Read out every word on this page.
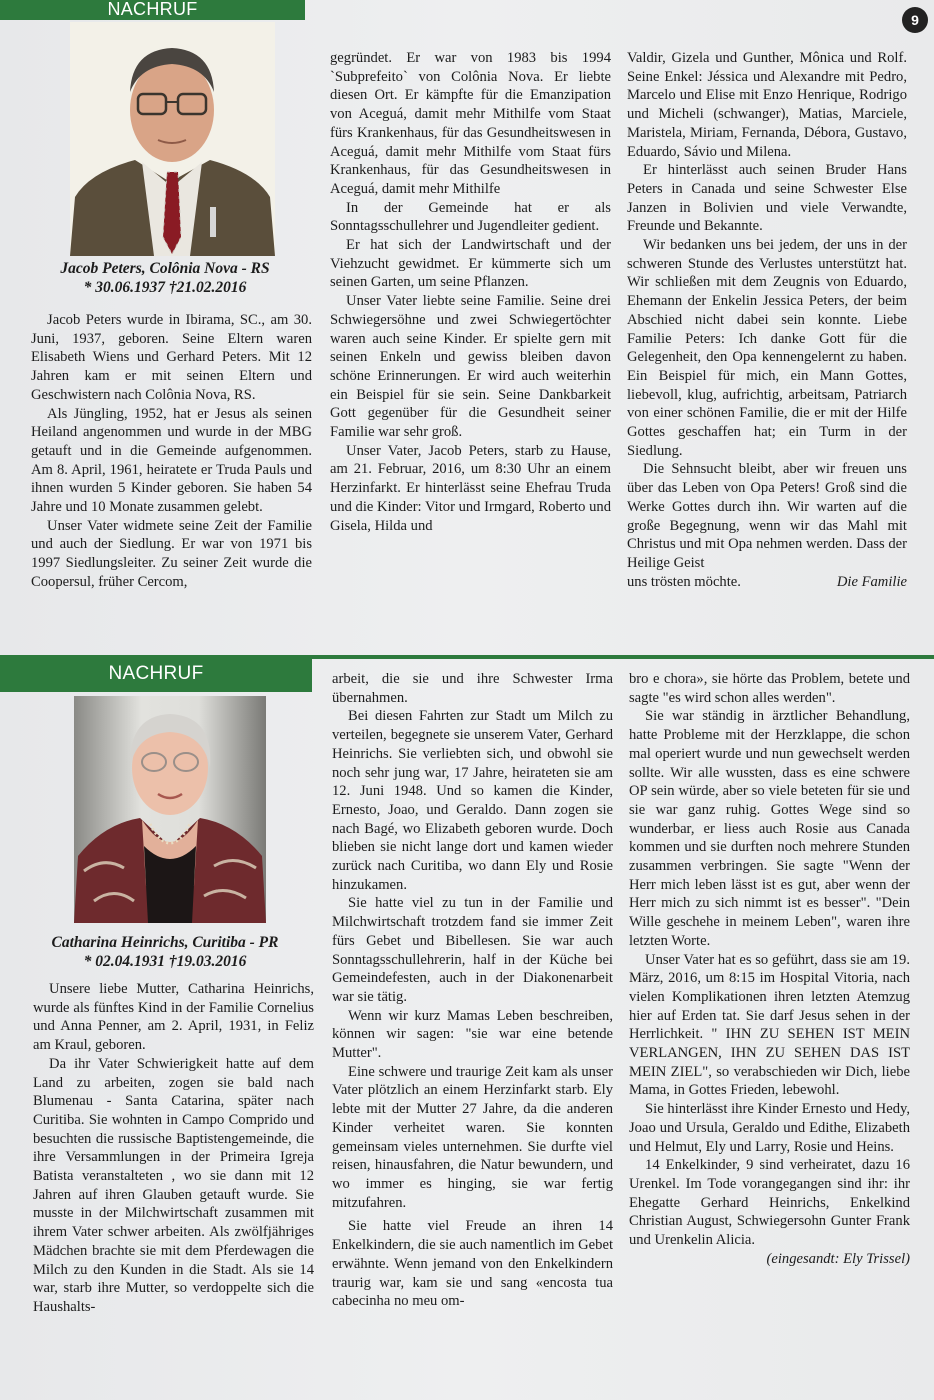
NACHRUF
9
Jacob Peters, Colônia Nova - RS
* 30.06.1937 †21.02.2016

Jacob Peters wurde in Ibirama, SC., am 30. Juni, 1937, geboren. Seine Eltern waren Elisabeth Wiens und Gerhard Peters. Mit 12 Jahren kam er mit seinen Eltern und Geschwistern nach Colônia Nova, RS.

Als Jüngling, 1952, hat er Jesus als seinen Heiland angenommen und wurde in der MBG getauft und in die Gemeinde aufgenommen. Am 8. April, 1961, heiratete er Truda Pauls und ihnen wurden 5 Kinder geboren. Sie haben 54 Jahre und 10 Monate zusammen gelebt.

Unser Vater widmete seine Zeit der Familie und auch der Siedlung. Er war von 1971 bis 1997 Siedlungsleiter. Zu seiner Zeit wurde die Coopersul, früher Cercom,

gegründet. Er war von 1983 bis 1994 `Subprefeito` von Colônia Nova. Er liebte diesen Ort. Er kämpfte für die Emanzipation von Aceguá, damit mehr Mithilfe vom Staat fürs Krankenhaus, für das Gesundheitswesen in Aceguá, damit mehr Mithilfe vom Staat fürs Krankenhaus, für das Gesundheitswesen in Aceguá, damit mehr Mithilfe

In der Gemeinde hat er als Sonntagsschullehrer und Jugendleiter gedient.

Er hat sich der Landwirtschaft und der Viehzucht gewidmet. Er kümmerte sich um seinen Garten, um seine Pflanzen.

Unser Vater liebte seine Familie. Seine drei Schwiegersöhne und zwei Schwiegertöchter waren auch seine Kinder. Er spielte gern mit seinen Enkeln und gewiss bleiben davon schöne Erinnerungen. Er wird auch weiterhin ein Beispiel für sie sein. Seine Dankbarkeit Gott gegenüber für die Gesundheit seiner Familie war sehr groß.

Unser Vater, Jacob Peters, starb zu Hause, am 21. Februar, 2016, um 8:30 Uhr an einem Herzinfarkt. Er hinterlässt seine Ehefrau Truda und die Kinder: Vitor und Irmgard, Roberto und Gisela, Hilda und

Valdir, Gizela und Gunther, Mônica und Rolf. Seine Enkel: Jéssica und Alexandre mit Pedro, Marcelo und Elise mit Enzo Henrique, Rodrigo und Micheli (schwanger), Matias, Marciele, Maristela, Miriam, Fernanda, Débora, Gustavo, Eduardo, Sávio und Milena.

Er hinterlässt auch seinen Bruder Hans Peters in Canada und seine Schwester Else Janzen in Bolivien und viele Verwandte, Freunde und Bekannte.

Wir bedanken uns bei jedem, der uns in der schweren Stunde des Verlustes unterstützt hat. Wir schließen mit dem Zeugnis von Eduardo, Ehemann der Enkelin Jessica Peters, der beim Abschied nicht dabei sein konnte. Liebe Familie Peters: Ich danke Gott für die Gelegenheit, den Opa kennengelernt zu haben. Ein Beispiel für mich, ein Mann Gottes, liebevoll, klug, aufrichtig, arbeitsam, Patriarch von einer schönen Familie, die er mit der Hilfe Gottes geschaffen hat; ein Turm in der Siedlung.

Die Sehnsucht bleibt, aber wir freuen uns über das Leben von Opa Peters! Groß sind die Werke Gottes durch ihn. Wir warten auf die große Begegnung, wenn wir das Mahl mit Christus und mit Opa nehmen werden. Dass der Heilige Geist

uns trösten möchte.	Die Familie
NACHRUF
Catharina Heinrichs, Curitiba - PR
* 02.04.1931 †19.03.2016

Unsere liebe Mutter, Catharina Heinrichs, wurde als fünftes Kind in der Familie Cornelius und Anna Penner, am 2. April, 1931, in Feliz am Kraul, geboren.

Da ihr Vater Schwierigkeit hatte auf dem Land zu arbeiten, zogen sie bald nach Blumenau - Santa Catarina, später nach Curitiba. Sie wohnten in Campo Comprido und besuchten die russische Baptistengemeinde, die ihre Versammlungen in der Primeira Igreja Batista veranstalteten , wo sie dann mit 12 Jahren auf ihren Glauben getauft wurde. Sie musste in der Milchwirtschaft zusammen mit ihrem Vater schwer arbeiten. Als zwölfjähriges Mädchen brachte sie mit dem Pferdewagen die Milch zu den Kunden in die Stadt. Als sie 14 war, starb ihre Mutter, so verdoppelte sich die Haushalts-

arbeit, die sie und ihre Schwester Irma übernahmen.

Bei diesen Fahrten zur Stadt um Milch zu verteilen, begegnete sie unserem Vater, Gerhard Heinrichs. Sie verliebten sich, und obwohl sie noch sehr jung war, 17 Jahre, heirateten sie am 12. Juni 1948. Und so kamen die Kinder, Ernesto, Joao, und Geraldo. Dann zogen sie nach Bagé, wo Elizabeth geboren wurde. Doch blieben sie nicht lange dort und kamen wieder zurück nach Curitiba, wo dann Ely und Rosie hinzukamen.

Sie hatte viel zu tun in der Familie und Milchwirtschaft trotzdem fand sie immer Zeit fürs Gebet und Bibellesen. Sie war auch Sonntagsschullehrerin, half in der Küche bei Gemeindefesten, auch in der Diakonenarbeit war sie tätig.

Wenn wir kurz Mamas Leben beschreiben, können wir sagen: "sie war eine betende Mutter".

Eine schwere und traurige Zeit kam als unser Vater plötzlich an einem Herzinfarkt starb. Ely lebte mit der Mutter 27 Jahre, da die anderen Kinder verheitet waren. Sie konnten gemeinsam vieles unternehmen. Sie durfte viel reisen, hinausfahren, die Natur bewundern, und wo immer es hinging, sie war fertig mitzufahren.

Sie hatte viel Freude an ihren 14 Enkelkindern, die sie auch namentlich im Gebet erwähnte. Wenn jemand von den Enkelkindern traurig war, kam sie und sang «encosta tua cabecinha no meu om-

bro e chora», sie hörte das Problem, betete und sagte "es wird schon alles werden".

Sie war ständig in ärztlicher Behandlung, hatte Probleme mit der Herzklappe, die schon mal operiert wurde und nun gewechselt werden sollte. Wir alle wussten, dass es eine schwere OP sein würde, aber so viele beteten für sie und sie war ganz ruhig. Gottes Wege sind so wunderbar, er liess auch Rosie aus Canada kommen und sie durften noch mehrere Stunden zusammen verbringen. Sie sagte "Wenn der Herr mich leben lässt ist es gut, aber wenn der Herr mich zu sich nimmt ist es besser". "Dein Wille geschehe in meinem Leben", waren ihre letzten Worte.

Unser Vater hat es so geführt, dass sie am 19. März, 2016, um 8:15 im Hospital Vitoria, nach vielen Komplikationen ihren letzten Atemzug hier auf Erden tat. Sie darf Jesus sehen in der Herrlichkeit. " IHN ZU SEHEN IST MEIN VERLANGEN, IHN ZU SEHEN DAS IST MEIN ZIEL", so verabschieden wir Dich, liebe Mama, in Gottes Frieden, lebewohl.

Sie hinterlässt ihre Kinder Ernesto und Hedy, Joao und Ursula, Geraldo und Edithe, Elizabeth und Helmut, Ely und Larry, Rosie und Heins.

14 Enkelkinder, 9 sind verheiratet, dazu 16 Urenkel. Im Tode vorangegangen sind ihr: ihr Ehegatte Gerhard Heinrichs, Enkelkind Christian August, Schwiegersohn Gunter Frank und Urenkelin Alicia.

(eingesandt: Ely Trissel)
